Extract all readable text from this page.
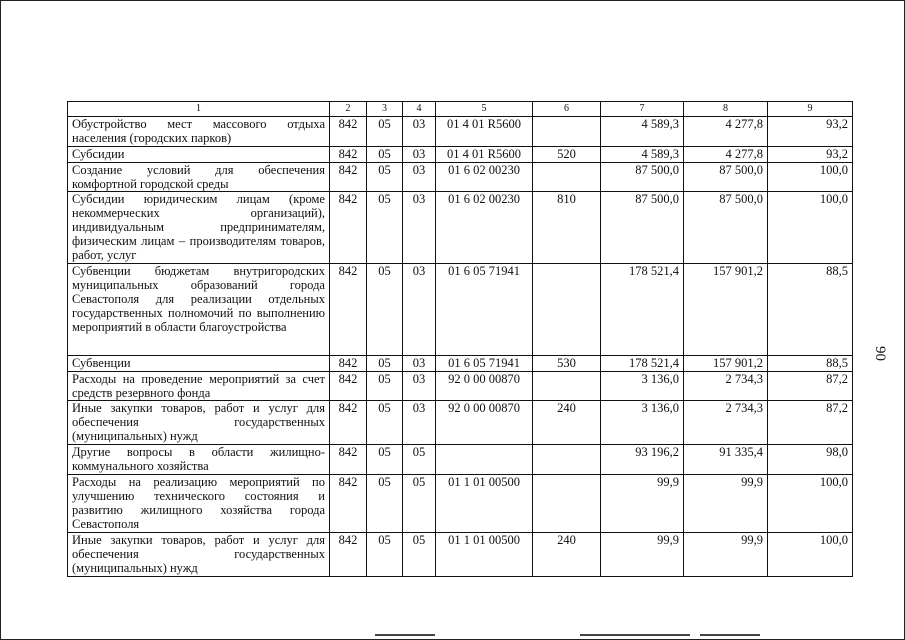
1	2	3	4	5	6	7	8	9
Обустройство мест массового отдыха населения (городских парков)	842	05	03	01 4 01 R5600		4 589,3	4 277,8	93,2
Субсидии	842	05	03	01 4 01 R5600	520	4 589,3	4 277,8	93,2
Создание условий для обеспечения комфортной городской среды	842	05	03	01 6 02 00230		87 500,0	87 500,0	100,0
Субсидии юридическим лицам (кроме некоммерческих организаций), индивидуальным предпринимателям, физическим лицам – производителям товаров, работ, услуг	842	05	03	01 6 02 00230	810	87 500,0	87 500,0	100,0
Субвенции бюджетам внутригородских муниципальных образований города Севастополя для реализации отдельных государственных полномочий по выполнению мероприятий в области благоустройства	842	05	03	01 6 05 71941		178 521,4	157 901,2	88,5
Субвенции	842	05	03	01 6 05 71941	530	178 521,4	157 901,2	88,5
Расходы на проведение мероприятий за счет средств резервного фонда	842	05	03	92 0 00 00870		3 136,0	2 734,3	87,2
Иные закупки товаров, работ и услуг для обеспечения государственных (муниципальных) нужд	842	05	03	92 0 00 00870	240	3 136,0	2 734,3	87,2
Другие вопросы в области жилищно-коммунального хозяйства	842	05	05			93 196,2	91 335,4	98,0
Расходы на реализацию мероприятий по улучшению технического состояния и развитию жилищного хозяйства города Севастополя	842	05	05	01 1 01 00500		99,9	99,9	100,0
Иные закупки товаров, работ и услуг для обеспечения государственных (муниципальных) нужд	842	05	05	01 1 01 00500	240	99,9	99,9	100,0
90
